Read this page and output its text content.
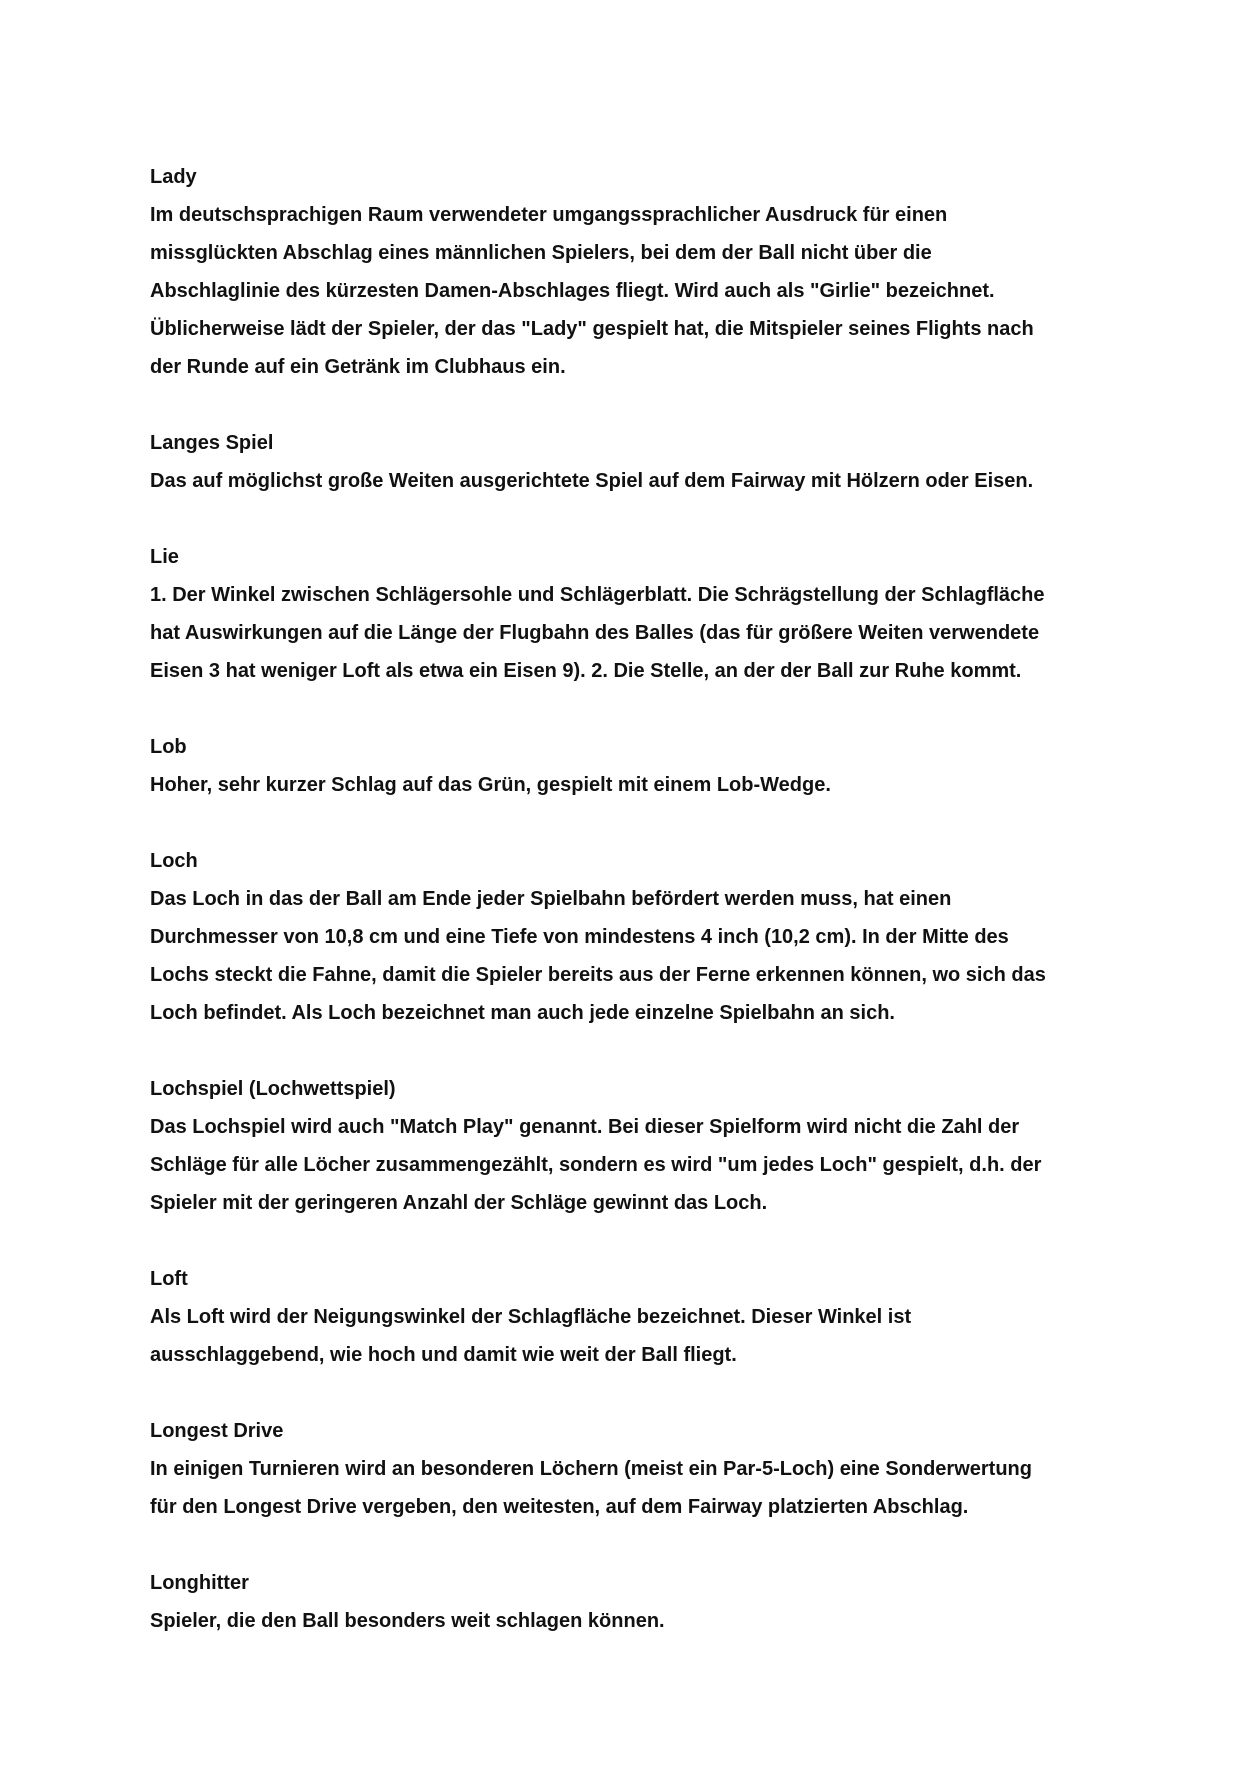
Lady
Im deutschsprachigen Raum verwendeter umgangssprachlicher Ausdruck für einen
missglückten Abschlag eines männlichen Spielers, bei dem der Ball nicht über die
Abschlaglinie des kürzesten Damen-Abschlages fliegt. Wird auch als "Girlie" bezeichnet.
Üblicherweise lädt der Spieler, der das "Lady" gespielt hat, die Mitspieler seines Flights nach
der Runde auf ein Getränk im Clubhaus ein.
Langes Spiel
Das auf möglichst große Weiten ausgerichtete Spiel auf dem Fairway mit Hölzern oder Eisen.
Lie
1. Der Winkel zwischen Schlägersohle und Schlägerblatt. Die Schrägstellung der Schlagfläche
hat Auswirkungen auf die Länge der Flugbahn des Balles (das für größere Weiten verwendete
Eisen 3 hat weniger Loft als etwa ein Eisen 9). 2. Die Stelle, an der der Ball zur Ruhe kommt.
Lob
Hoher, sehr kurzer Schlag auf das Grün, gespielt mit einem Lob-Wedge.
Loch
Das Loch in das der Ball am Ende jeder Spielbahn befördert werden muss, hat einen
Durchmesser von 10,8 cm und eine Tiefe von mindestens 4 inch (10,2 cm). In der Mitte des
Lochs steckt die Fahne, damit die Spieler bereits aus der Ferne erkennen können, wo sich das
Loch befindet. Als Loch bezeichnet man auch jede einzelne Spielbahn an sich.
Lochspiel (Lochwettspiel)
Das Lochspiel wird auch "Match Play" genannt. Bei dieser Spielform wird nicht die Zahl der
Schläge für alle Löcher zusammengezählt, sondern es wird "um jedes Loch" gespielt, d.h. der
Spieler mit der geringeren Anzahl der Schläge gewinnt das Loch.
Loft
Als Loft wird der Neigungswinkel der Schlagfläche bezeichnet. Dieser Winkel ist
ausschlaggebend, wie hoch und damit wie weit der Ball fliegt.
Longest Drive
In einigen Turnieren wird an besonderen Löchern (meist ein Par-5-Loch) eine Sonderwertung
für den Longest Drive vergeben, den weitesten, auf dem Fairway platzierten Abschlag.
Longhitter
Spieler, die den Ball besonders weit schlagen können.
